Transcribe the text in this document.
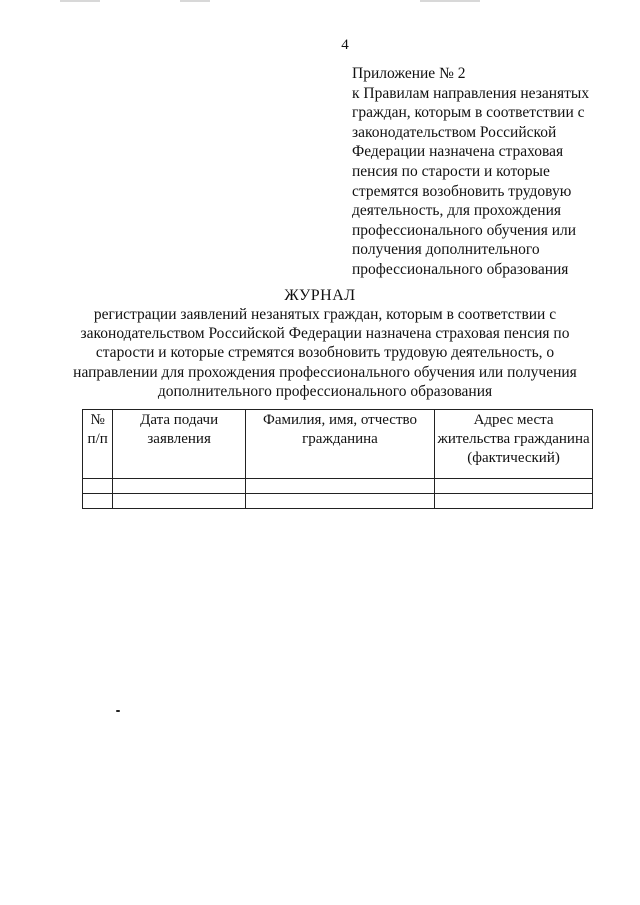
4
Приложение № 2
к Правилам направления незанятых
граждан, которым в соответствии с
законодательством Российской
Федерации назначена страховая
пенсия по старости и которые
стремятся возобновить трудовую
деятельность, для прохождения
профессионального обучения или
получения дополнительного
профессионального образования
ЖУРНАЛ
регистрации заявлений незанятых граждан, которым в соответствии с
законодательством Российской Федерации назначена страховая пенсия по
старости и которые стремятся возобновить трудовую деятельность, о
направлении для прохождения профессионального обучения или получения
дополнительного профессионального образования
№ п/п	Дата подачи заявления	Фамилия, имя, отчество гражданина	Адрес места жительства гражданина (фактический)
